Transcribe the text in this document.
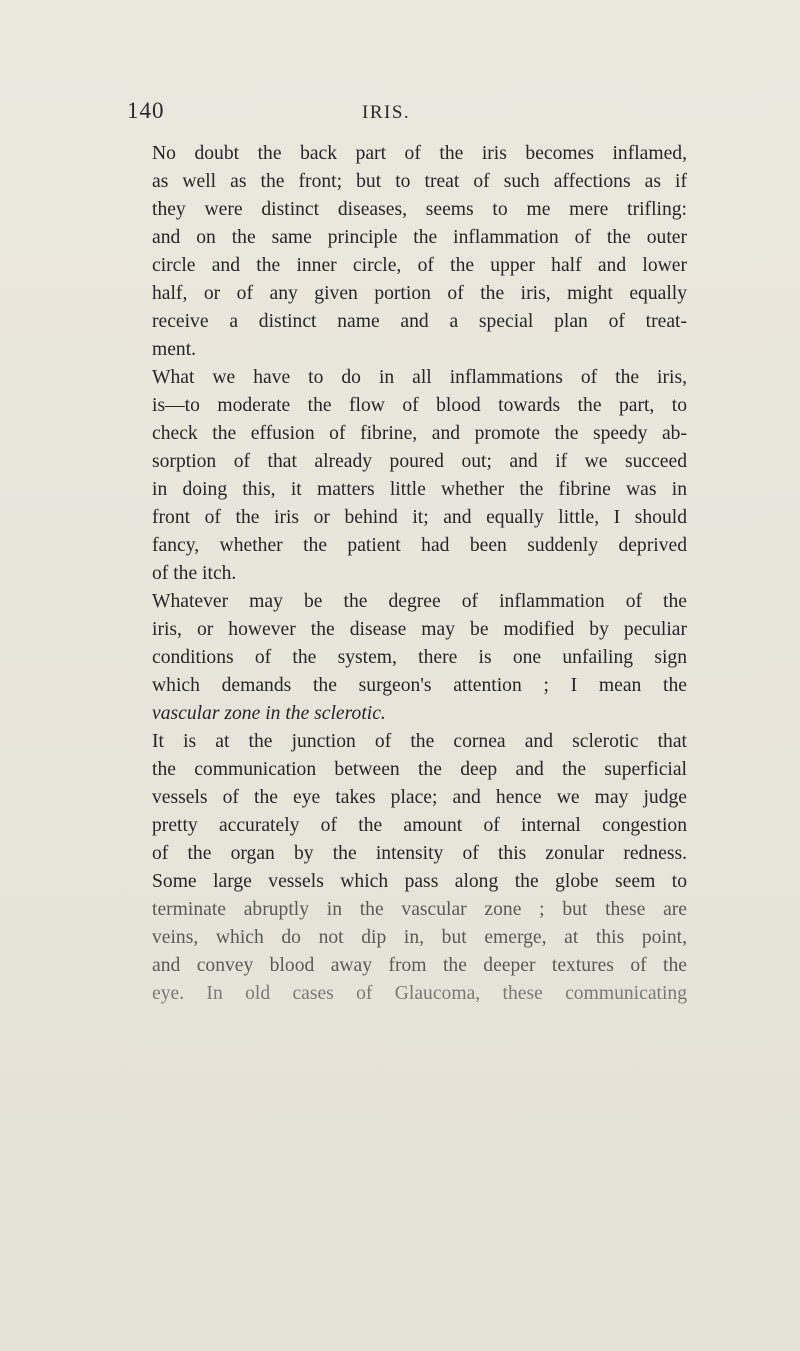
140	IRIS.

No doubt the back part of the iris becomes inflamed,
as well as the front; but to treat of such affections as if
they were distinct diseases, seems to me mere trifling:
and on the same principle the inflammation of the outer
circle and the inner circle, of the upper half and lower
half, or of any given portion of the iris, might equally
receive a distinct name and a special plan of treat-
ment.

What we have to do in all inflammations of the iris,
is—to moderate the flow of blood towards the part, to
check the effusion of fibrine, and promote the speedy ab-
sorption of that already poured out; and if we succeed
in doing this, it matters little whether the fibrine was in
front of the iris or behind it; and equally little, I should
fancy, whether the patient had been suddenly deprived
of the itch.

Whatever may be the degree of inflammation of the
iris, or however the disease may be modified by peculiar
conditions of the system, there is one unfailing sign
which demands the surgeon's attention ; I mean the
vascular zone in the sclerotic.

It is at the junction of the cornea and sclerotic that
the communication between the deep and the superficial
vessels of the eye takes place; and hence we may judge
pretty accurately of the amount of internal congestion
of the organ by the intensity of this zonular redness.
Some large vessels which pass along the globe seem to
terminate abruptly in the vascular zone ; but these are
veins, which do not dip in, but emerge, at this point,
and convey blood away from the deeper textures of the
eye. In old cases of Glaucoma, these communicating
